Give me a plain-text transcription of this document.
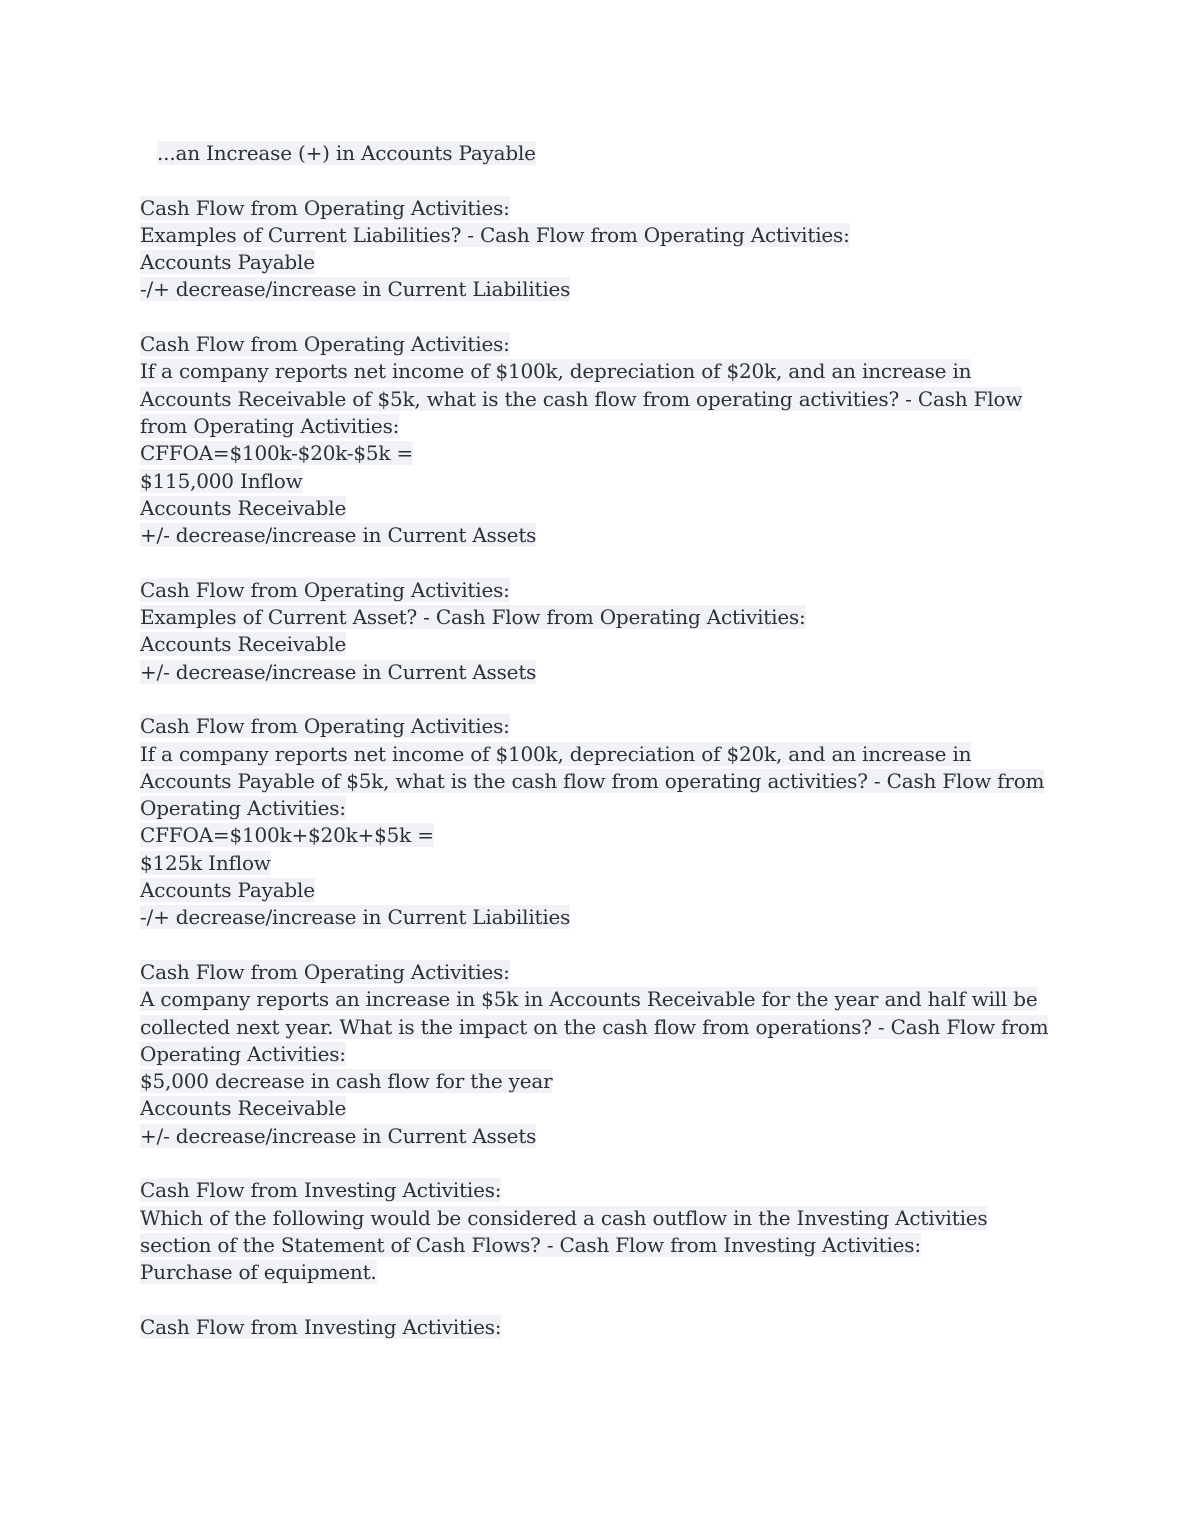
...an Increase (+) in Accounts Payable
Cash Flow from Operating Activities:
Examples of Current Liabilities? - Cash Flow from Operating Activities:
Accounts Payable
-/+ decrease/increase in Current Liabilities
Cash Flow from Operating Activities:
If a company reports net income of $100k, depreciation of $20k, and an increase in
Accounts Receivable of $5k, what is the cash flow from operating activities? - Cash Flow
from Operating Activities:
CFFOA=$100k-$20k-$5k =
$115,000 Inflow
Accounts Receivable
+/- decrease/increase in Current Assets
Cash Flow from Operating Activities:
Examples of Current Asset? - Cash Flow from Operating Activities:
Accounts Receivable
+/- decrease/increase in Current Assets
Cash Flow from Operating Activities:
If a company reports net income of $100k, depreciation of $20k, and an increase in
Accounts Payable of $5k, what is the cash flow from operating activities? - Cash Flow from
Operating Activities:
CFFOA=$100k+$20k+$5k =
$125k Inflow
Accounts Payable
-/+ decrease/increase in Current Liabilities
Cash Flow from Operating Activities:
A company reports an increase in $5k in Accounts Receivable for the year and half will be
collected next year. What is the impact on the cash flow from operations? - Cash Flow from
Operating Activities:
$5,000 decrease in cash flow for the year
Accounts Receivable
+/- decrease/increase in Current Assets
Cash Flow from Investing Activities:
Which of the following would be considered a cash outflow in the Investing Activities
section of the Statement of Cash Flows? - Cash Flow from Investing Activities:
Purchase of equipment.
Cash Flow from Investing Activities:
